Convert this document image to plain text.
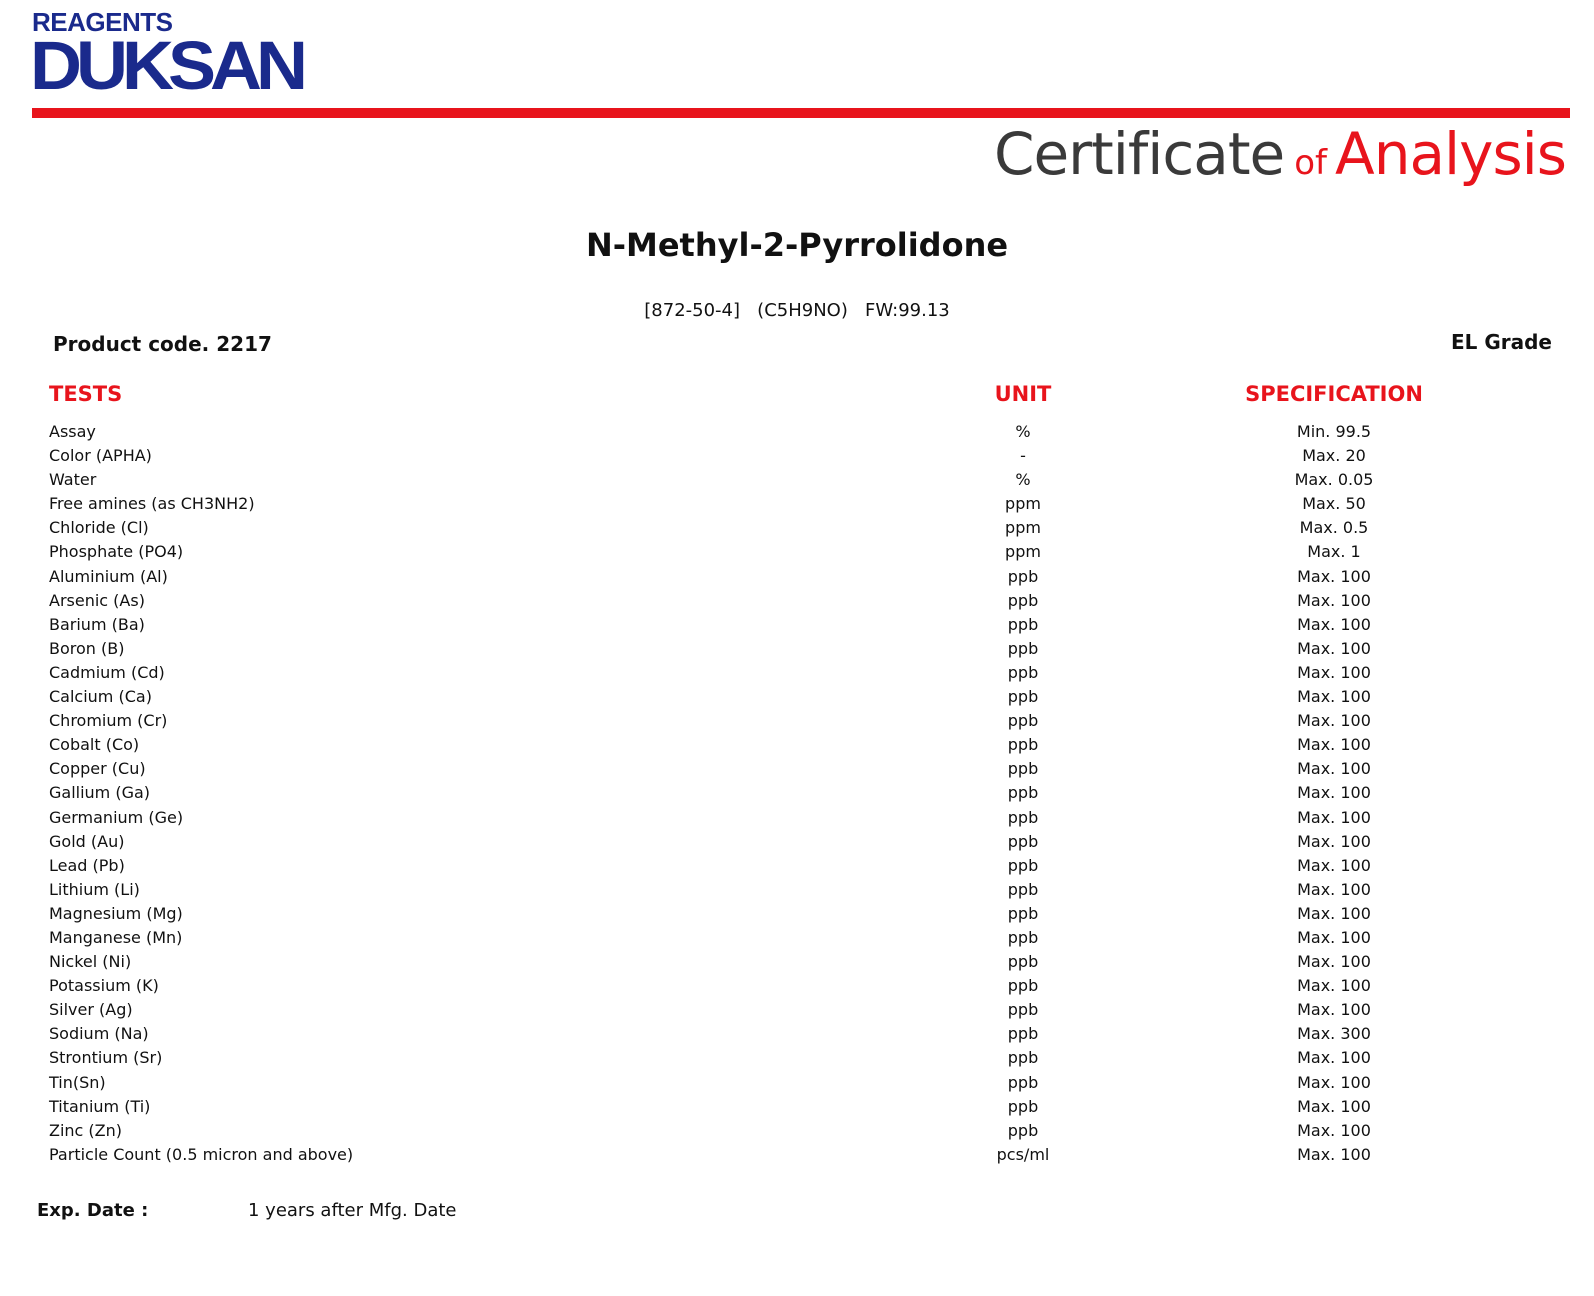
REAGENTS
DUKSAN
Certificate of Analysis
N-Methyl-2-Pyrrolidone
[872-50-4]   (C5H9NO)   FW:99.13
Product code. 2217	EL Grade
TESTS	UNIT	SPECIFICATION
Assay	%	Min. 99.5
Color (APHA)	-	Max. 20
Water	%	Max. 0.05
Free amines (as CH3NH2)	ppm	Max. 50
Chloride (Cl)	ppm	Max. 0.5
Phosphate (PO4)	ppm	Max. 1
Aluminium (Al)	ppb	Max. 100
Arsenic (As)	ppb	Max. 100
Barium (Ba)	ppb	Max. 100
Boron (B)	ppb	Max. 100
Cadmium (Cd)	ppb	Max. 100
Calcium (Ca)	ppb	Max. 100
Chromium (Cr)	ppb	Max. 100
Cobalt (Co)	ppb	Max. 100
Copper (Cu)	ppb	Max. 100
Gallium (Ga)	ppb	Max. 100
Germanium (Ge)	ppb	Max. 100
Gold (Au)	ppb	Max. 100
Lead (Pb)	ppb	Max. 100
Lithium (Li)	ppb	Max. 100
Magnesium (Mg)	ppb	Max. 100
Manganese (Mn)	ppb	Max. 100
Nickel (Ni)	ppb	Max. 100
Potassium (K)	ppb	Max. 100
Silver (Ag)	ppb	Max. 100
Sodium (Na)	ppb	Max. 300
Strontium (Sr)	ppb	Max. 100
Tin(Sn)	ppb	Max. 100
Titanium (Ti)	ppb	Max. 100
Zinc (Zn)	ppb	Max. 100
Particle Count (0.5 micron and above)	pcs/ml	Max. 100
Exp. Date :	1 years after Mfg. Date
